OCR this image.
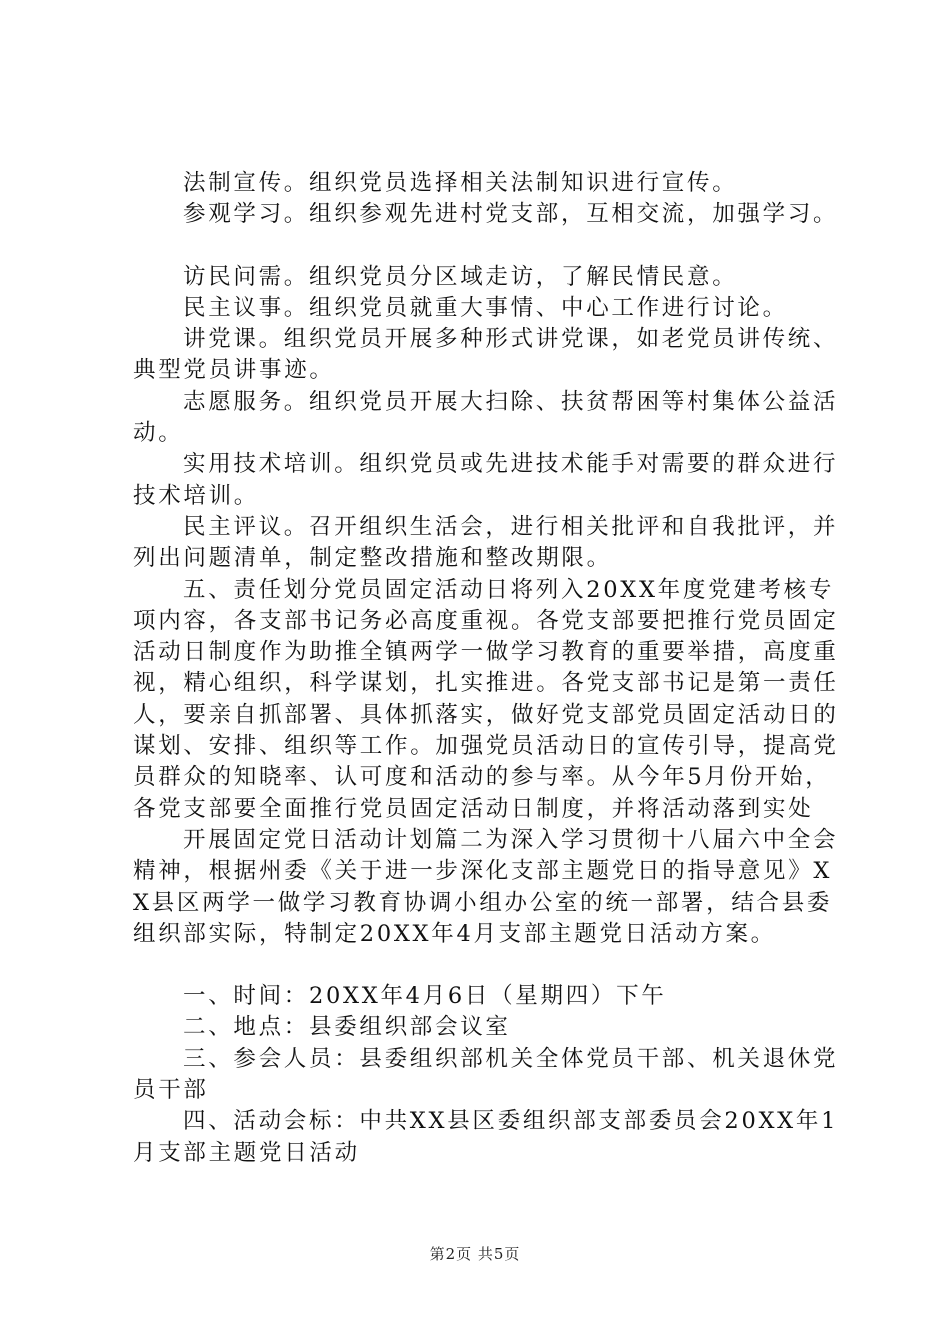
法制宣传。组织党员选择相关法制知识进行宣传。

参观学习。组织参观先进村党支部，互相交流，加强学习。

访民问需。组织党员分区域走访，了解民情民意。

民主议事。组织党员就重大事情、中心工作进行讨论。

讲党课。组织党员开展多种形式讲党课，如老党员讲传统、典型党员讲事迹。

志愿服务。组织党员开展大扫除、扶贫帮困等村集体公益活动。

实用技术培训。组织党员或先进技术能手对需要的群众进行技术培训。

民主评议。召开组织生活会，进行相关批评和自我批评，并列出问题清单，制定整改措施和整改期限。

五、责任划分党员固定活动日将列入20XX年度党建考核专项内容，各支部书记务必高度重视。各党支部要把推行党员固定活动日制度作为助推全镇两学一做学习教育的重要举措，高度重视，精心组织，科学谋划，扎实推进。各党支部书记是第一责任人，要亲自抓部署、具体抓落实，做好党支部党员固定活动日的谋划、安排、组织等工作。加强党员活动日的宣传引导，提高党员群众的知晓率、认可度和活动的参与率。从今年5月份开始，各党支部要全面推行党员固定活动日制度，并将活动落到实处

开展固定党日活动计划篇二为深入学习贯彻十八届六中全会精神，根据州委《关于进一步深化支部主题党日的指导意见》XX县区两学一做学习教育协调小组办公室的统一部署，结合县委组织部实际，特制定20XX年4月支部主题党日活动方案。

一、时间：20XX年4月6日（星期四）下午

二、地点：县委组织部会议室

三、参会人员：县委组织部机关全体党员干部、机关退休党员干部

四、活动会标：中共XX县区委组织部支部委员会20XX年1月支部主题党日活动

第2页 共5页
